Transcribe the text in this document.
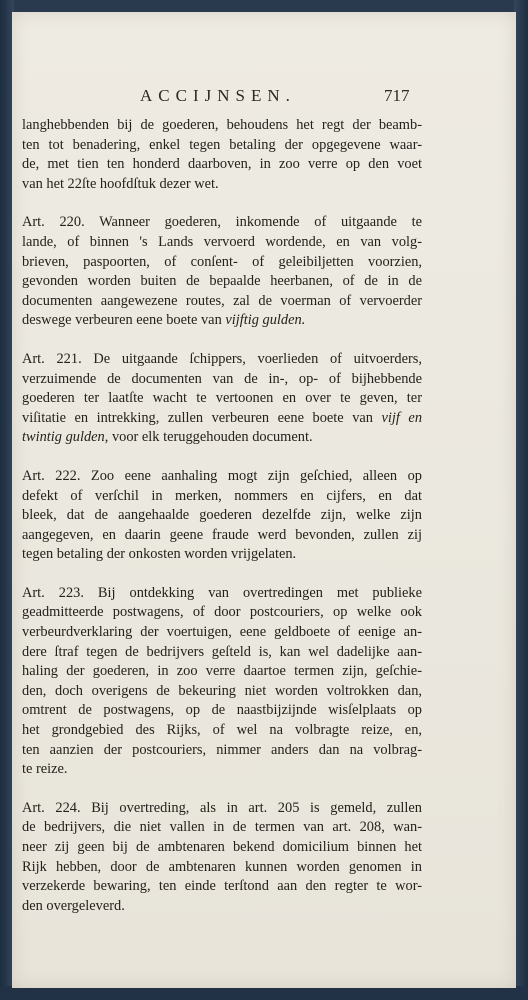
ACCIJNSEN.	717

langhebbenden bij de goederen, behoudens het regt der beamb-
ten tot benadering, enkel tegen betaling der opgegevene waar-
de, met tien ten honderd daarboven, in zoo verre op den voet
van het 22ſte hoofdſtuk dezer wet.

Art. 220. Wanneer goederen, inkomende of uitgaande te
lande, of binnen 's Lands vervoerd wordende, en van volg-
brieven, paspoorten, of conſent- of geleibiljetten voorzien,
gevonden worden buiten de bepaalde heerbanen, of de in de
documenten aangewezene routes, zal de voerman of vervoerder
deswege verbeuren eene boete van vijftig gulden.

Art. 221. De uitgaande ſchippers, voerlieden of uitvoerders,
verzuimende de documenten van de in-, op- of bijhebbende
goederen ter laatſte wacht te vertoonen en over te geven, ter
viſitatie en intrekking, zullen verbeuren eene boete van vijf en
twintig gulden, voor elk teruggehouden document.

Art. 222. Zoo eene aanhaling mogt zijn geſchied, alleen op
defekt of verſchil in merken, nommers en cijfers, en dat
bleek, dat de aangehaalde goederen dezelfde zijn, welke zijn
aangegeven, en daarin geene fraude werd bevonden, zullen zij
tegen betaling der onkosten worden vrijgelaten.

Art. 223. Bij ontdekking van overtredingen met publieke
geadmitteerde postwagens, of door postcouriers, op welke ook
verbeurdverklaring der voertuigen, eene geldboete of eenige an-
dere ſtraf tegen de bedrijvers geſteld is, kan wel dadelijke aan-
haling der goederen, in zoo verre daartoe termen zijn, geſchie-
den, doch overigens de bekeuring niet worden voltrokken dan,
omtrent de postwagens, op de naastbijzijnde wisſelplaats op
het grondgebied des Rijks, of wel na volbragte reize, en,
ten aanzien der postcouriers, nimmer anders dan na volbrag-
te reize.

Art. 224. Bij overtreding, als in art. 205 is gemeld, zullen
de bedrijvers, die niet vallen in de termen van art. 208, wan-
neer zij geen bij de ambtenaren bekend domicilium binnen het
Rijk hebben, door de ambtenaren kunnen worden genomen in
verzekerde bewaring, ten einde terſtond aan den regter te wor-
den overgeleverd.
